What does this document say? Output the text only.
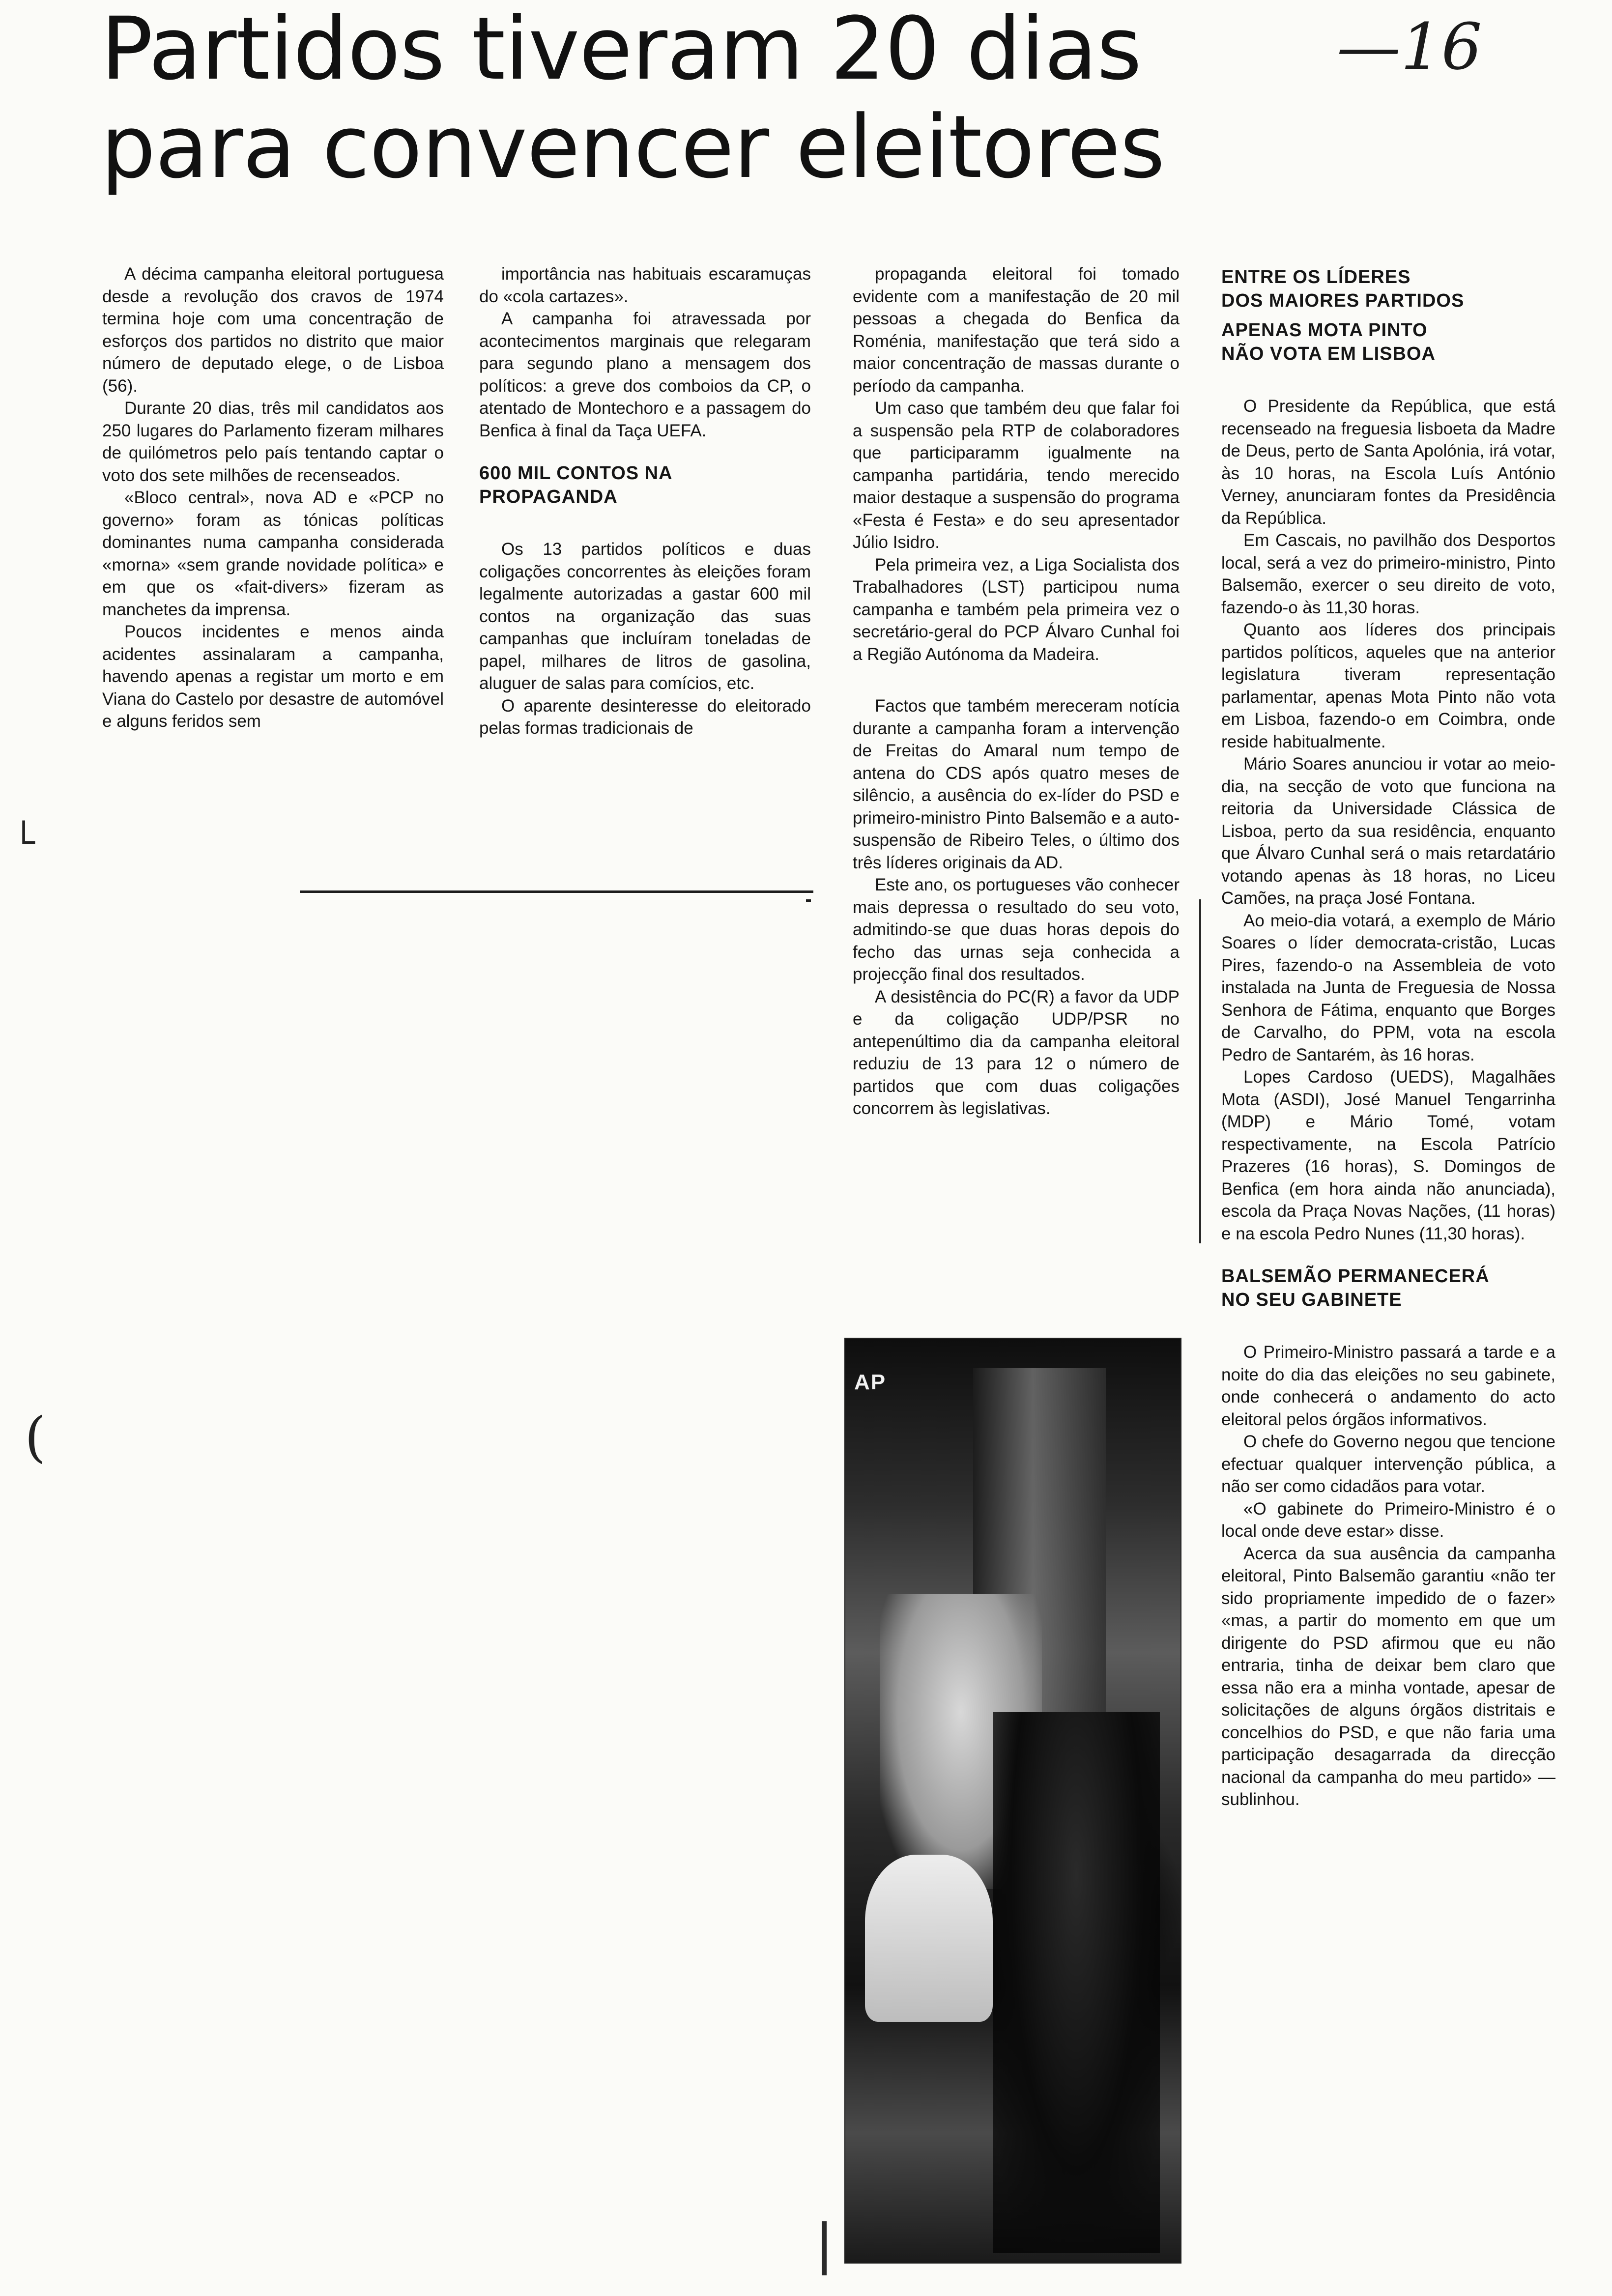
Partidos tiveram 20 dias
para convencer eleitores
—16

A décima campanha eleitoral portuguesa desde a revolução dos cravos de 1974 termina hoje com uma concentração de esforços dos partidos no distrito que maior número de deputado elege, o de Lisboa (56).

Durante 20 dias, três mil candidatos aos 250 lugares do Parlamento fizeram milhares de quilómetros pelo país tentando captar o voto dos sete milhões de recenseados.

«Bloco central», nova AD e «PCP no governo» foram as tónicas políticas dominantes numa campanha considerada «morna» «sem grande novidade política» e em que os «fait-divers» fizeram as manchetes da imprensa.

Poucos incidentes e menos ainda acidentes assinalaram a campanha, havendo apenas a registar um morto e em Viana do Castelo por desastre de automóvel e alguns feridos sem

importância nas habituais escaramuças do «cola cartazes».

A campanha foi atravessada por acontecimentos marginais que relegaram para segundo plano a mensagem dos políticos: a greve dos comboios da CP, o atentado de Montechoro e a passagem do Benfica à final da Taça UEFA.

600 MIL CONTOS NA PROPAGANDA

Os 13 partidos políticos e duas coligações concorrentes às eleições foram legalmente autorizadas a gastar 600 mil contos na organização das suas campanhas que incluíram toneladas de papel, milhares de litros de gasolina, aluguer de salas para comícios, etc.

O aparente desinteresse do eleitorado pelas formas tradicionais de

propaganda eleitoral foi tomado evidente com a manifestação de 20 mil pessoas a chegada do Benfica da Roménia, manifestação que terá sido a maior concentração de massas durante o período da campanha.

Um caso que também deu que falar foi a suspensão pela RTP de colaboradores que participaramm igualmente na campanha partidária, tendo merecido maior destaque a suspensão do programa «Festa é Festa» e do seu apresentador Júlio Isidro.

Pela primeira vez, a Liga Socialista dos Trabalhadores (LST) participou numa campanha e também pela primeira vez o secretário-geral do PCP Álvaro Cunhal foi a Região Autónoma da Madeira.

Factos que também mereceram notícia durante a campanha foram a intervenção de Freitas do Amaral num tempo de antena do CDS após quatro meses de silêncio, a ausência do ex-líder do PSD e primeiro-ministro Pinto Balsemão e a auto-suspensão de Ribeiro Teles, o último dos três líderes originais da AD.

Este ano, os portugueses vão conhecer mais depressa o resultado do seu voto, admitindo-se que duas horas depois do fecho das urnas seja conhecida a projecção final dos resultados.

A desistência do PC(R) a favor da UDP e da coligação UDP/PSR no antepenúltimo dia da campanha eleitoral reduziu de 13 para 12 o número de partidos que com duas coligações concorrem às legislativas.

ENTRE OS LÍDERES
DOS MAIORES PARTIDOS
APENAS MOTA PINTO
NÃO VOTA EM LISBOA

O Presidente da República, que está recenseado na freguesia lisboeta da Madre de Deus, perto de Santa Apolónia, irá votar, às 10 horas, na Escola Luís António Verney, anunciaram fontes da Presidência da República.

Em Cascais, no pavilhão dos Desportos local, será a vez do primeiro-ministro, Pinto Balsemão, exercer o seu direito de voto, fazendo-o às 11,30 horas.

Quanto aos líderes dos principais partidos políticos, aqueles que na anterior legislatura tiveram representação parlamentar, apenas Mota Pinto não vota em Lisboa, fazendo-o em Coimbra, onde reside habitualmente.

Mário Soares anunciou ir votar ao meio-dia, na secção de voto que funciona na reitoria da Universidade Clássica de Lisboa, perto da sua residência, enquanto que Álvaro Cunhal será o mais retardatário votando apenas às 18 horas, no Liceu Camões, na praça José Fontana.

Ao meio-dia votará, a exemplo de Mário Soares o líder democrata-cristão, Lucas Pires, fazendo-o na Assembleia de voto instalada na Junta de Freguesia de Nossa Senhora de Fátima, enquanto que Borges de Carvalho, do PPM, vota na escola Pedro de Santarém, às 16 horas.

Lopes Cardoso (UEDS), Magalhães Mota (ASDI), José Manuel Tengarrinha (MDP) e Mário Tomé, votam respectivamente, na Escola Patrício Prazeres (16 horas), S. Domingos de Benfica (em hora ainda não anunciada), escola da Praça Novas Nações, (11 horas) e na escola Pedro Nunes (11,30 horas).

BALSEMÃO PERMANECERÁ
NO SEU GABINETE

O Primeiro-Ministro passará a tarde e a noite do dia das eleições no seu gabinete, onde conhecerá o andamento do acto eleitoral pelos órgãos informativos.

O chefe do Governo negou que tencione efectuar qualquer intervenção pública, a não ser como cidadãos para votar.

«O gabinete do Primeiro-Ministro é o local onde deve estar» disse.

Acerca da sua ausência da campanha eleitoral, Pinto Balsemão garantiu «não ter sido propriamente impedido de o fazer» «mas, a partir do momento em que um dirigente do PSD afirmou que eu não entraria, tinha de deixar bem claro que essa não era a minha vontade, apesar de solicitações de alguns órgãos distritais e concelhios do PSD, e que não faria uma participação desagarrada da direcção nacional da campanha do meu partido» — sublinhou.

AP
˪
(
